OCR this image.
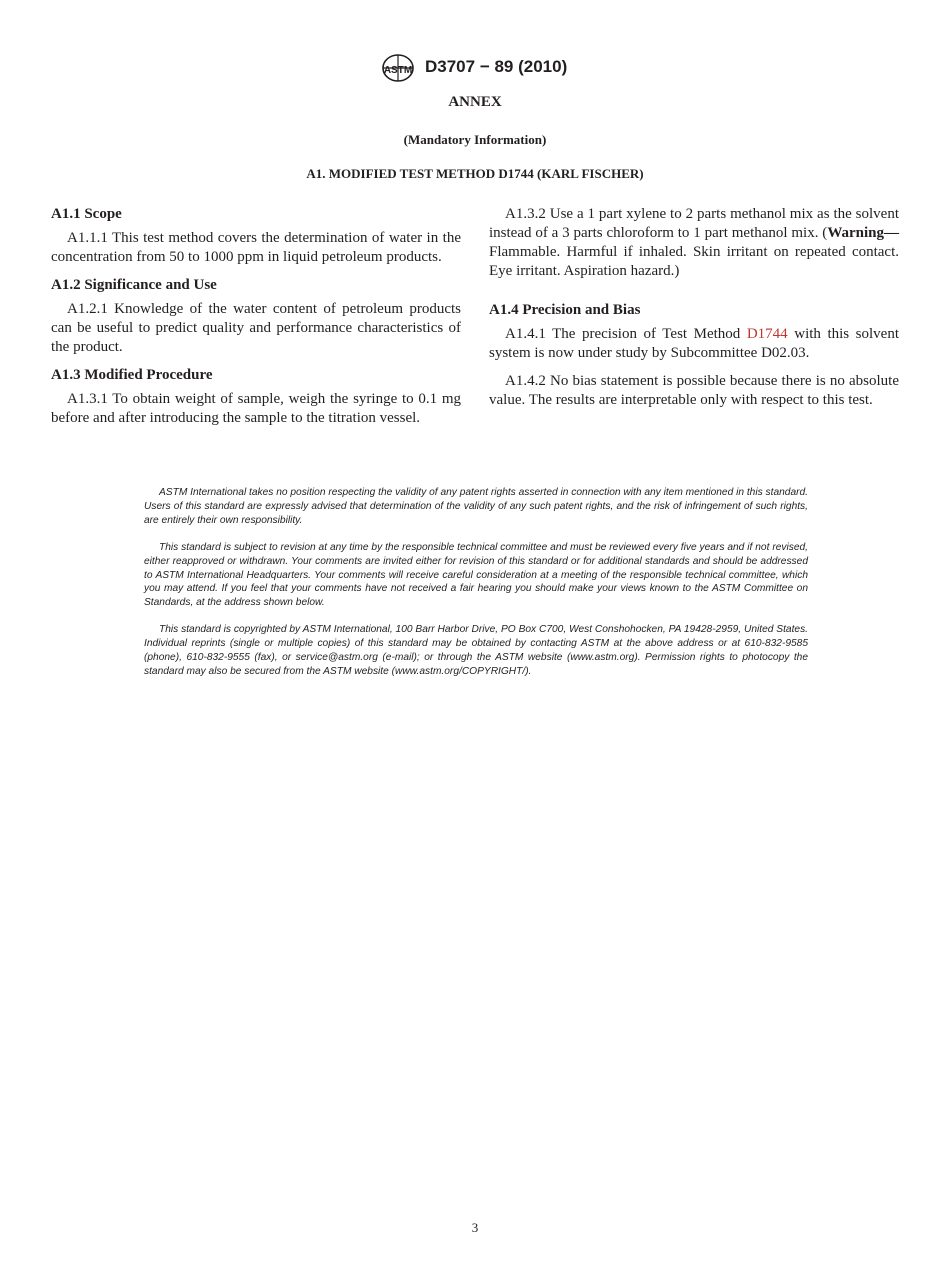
ASTM D3707 − 89 (2010)
ANNEX
(Mandatory Information)
A1. MODIFIED TEST METHOD D1744 (KARL FISCHER)
A1.1 Scope

A1.1.1 This test method covers the determination of water in the concentration from 50 to 1000 ppm in liquid petroleum products.

A1.2 Significance and Use

A1.2.1 Knowledge of the water content of petroleum products can be useful to predict quality and performance characteristics of the product.

A1.3 Modified Procedure

A1.3.1 To obtain weight of sample, weigh the syringe to 0.1 mg before and after introducing the sample to the titration vessel.

A1.3.2 Use a 1 part xylene to 2 parts methanol mix as the solvent instead of a 3 parts chloroform to 1 part methanol mix. (Warning—Flammable. Harmful if inhaled. Skin irritant on repeated contact. Eye irritant. Aspiration hazard.)

A1.4 Precision and Bias

A1.4.1 The precision of Test Method D1744 with this solvent system is now under study by Subcommittee D02.03.

A1.4.2 No bias statement is possible because there is no absolute value. The results are interpretable only with respect to this test.

ASTM International takes no position respecting the validity of any patent rights asserted in connection with any item mentioned in this standard. Users of this standard are expressly advised that determination of the validity of any such patent rights, and the risk of infringement of such rights, are entirely their own responsibility.

This standard is subject to revision at any time by the responsible technical committee and must be reviewed every five years and if not revised, either reapproved or withdrawn. Your comments are invited either for revision of this standard or for additional standards and should be addressed to ASTM International Headquarters. Your comments will receive careful consideration at a meeting of the responsible technical committee, which you may attend. If you feel that your comments have not received a fair hearing you should make your views known to the ASTM Committee on Standards, at the address shown below.

This standard is copyrighted by ASTM International, 100 Barr Harbor Drive, PO Box C700, West Conshohocken, PA 19428-2959, United States. Individual reprints (single or multiple copies) of this standard may be obtained by contacting ASTM at the above address or at 610-832-9585 (phone), 610-832-9555 (fax), or service@astm.org (e-mail); or through the ASTM website (www.astm.org). Permission rights to photocopy the standard may also be secured from the ASTM website (www.astm.org/COPYRIGHT/).

3
